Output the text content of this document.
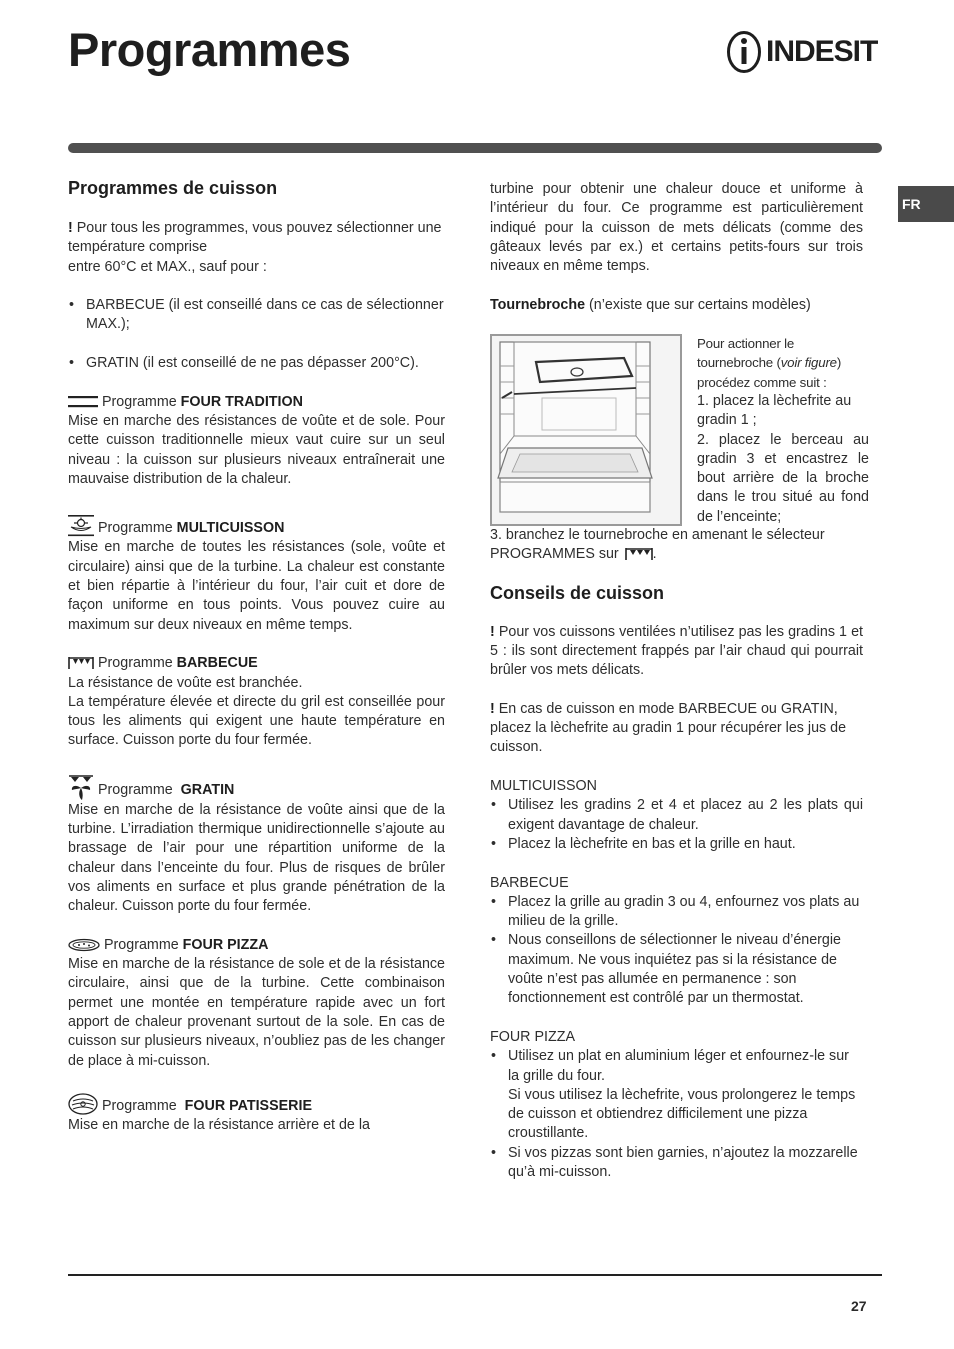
Programmes	INDESIT
FR
Programmes de cuisson

! Pour tous les programmes, vous pouvez sélectionner une température comprise

entre 60°C et MAX., sauf pour :

• BARBECUE (il est conseillé dans ce cas de sélectionner MAX.);
• GRATIN (il est conseillé de ne pas dépasser 200°C).

Programme FOUR TRADITION

Mise en marche des résistances de voûte et de sole. Pour cette cuisson traditionnelle mieux vaut cuire sur un seul niveau : la cuisson sur plusieurs niveaux entraînerait une mauvaise distribution de la chaleur.

Programme MULTICUISSON

Mise en marche de toutes les résistances (sole, voûte et circulaire) ainsi que de la turbine. La chaleur est constante et bien répartie à l’intérieur du four, l’air cuit et dore de façon uniforme en tous points. Vous pouvez cuire au maximum sur deux niveaux en même temps.

Programme BARBECUE

La résistance de voûte est branchée.

La température élevée et directe du gril est conseillée pour tous les aliments qui exigent une haute température en surface. Cuisson porte du four fermée.

Programme  GRATIN

Mise en marche de la résistance de voûte ainsi que de la turbine. L’irradiation thermique unidirectionnelle s’ajoute au brassage de l’air pour une répartition uniforme de la chaleur dans l’enceinte du four. Plus de risques de brûler vos aliments en surface et plus grande pénétration de la chaleur. Cuisson porte du four fermée.

Programme FOUR PIZZA

Mise en marche de la résistance de sole et de la résistance circulaire, ainsi que de la turbine. Cette combinaison permet une montée en température rapide avec un fort apport de chaleur provenant surtout de la sole. En cas de cuisson sur plusieurs niveaux, n’oubliez pas de les changer de place à mi-cuisson.

Programme  FOUR PATISSERIE

Mise en marche de la résistance arrière et de la

turbine pour obtenir une chaleur douce et uniforme à l’intérieur du four. Ce programme est particulièrement indiqué pour la cuisson de mets délicats (comme des gâteaux levés par ex.) et certains petits-fours sur trois niveaux en même temps.

Tournebroche (n’existe que sur certains modèles)

Pour actionner le tournebroche (voir figure) procédez comme suit :

1. placez la lèchefrite au gradin 1 ;

2. placez le berceau au gradin 3 et encastrez le bout arrière de la broche dans le trou situé au fond de l’enceinte;

3. branchez le tournebroche en amenant le sélecteur PROGRAMMES sur .

Conseils de cuisson

! Pour vos cuissons ventilées n’utilisez pas les gradins 1 et 5 : ils sont directement frappés par l’air chaud qui pourrait brûler vos mets délicats.

! En cas de cuisson en mode BARBECUE ou GRATIN, placez la lèchefrite au gradin 1 pour récupérer les jus de cuisson.

MULTICUISSON

• Utilisez les gradins 2 et 4 et placez au 2 les plats qui exigent davantage de chaleur.
• Placez la lèchefrite en bas et la grille en haut.

BARBECUE

• Placez la grille au gradin 3 ou 4, enfournez vos plats au milieu de la grille.
• Nous conseillons de sélectionner le niveau d’énergie maximum. Ne vous inquiétez pas si la résistance de voûte n’est pas allumée en permanence : son fonctionnement est contrôlé par un thermostat.

FOUR PIZZA

• Utilisez un plat en aluminium léger et enfournez-le sur la grille du four.
Si vous utilisez la lèchefrite, vous prolongerez le temps de cuisson et obtiendrez difficilement une pizza croustillante.
• Si vos pizzas sont bien garnies, n’ajoutez la mozzarelle qu’à mi-cuisson.
27
